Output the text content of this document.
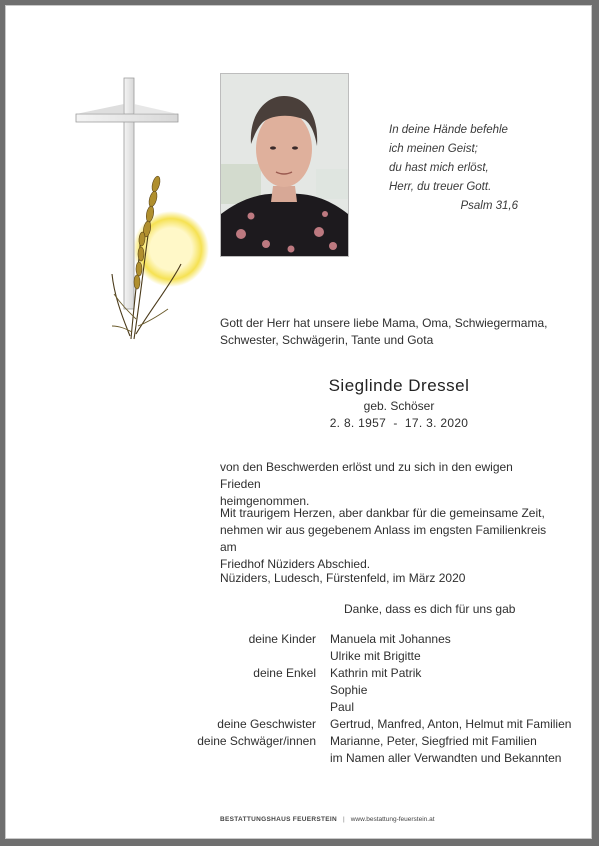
In deine Hände befehle
ich meinen Geist;
du hast mich erlöst,
Herr, du treuer Gott.
Psalm 31,6
Gott der Herr hat unsere liebe Mama, Oma, Schwiegermama,
Schwester, Schwägerin, Tante und Gota
Sieglinde Dressel
geb. Schöser
2. 8. 1957  -  17. 3. 2020
von den Beschwerden erlöst und zu sich in den ewigen Frieden
heimgenommen.
Mit traurigem Herzen, aber dankbar für die gemeinsame Zeit,
nehmen wir aus gegebenem Anlass im engsten Familienkreis am
Friedhof Nüziders Abschied.
Nüziders, Ludesch, Fürstenfeld, im März 2020
Danke, dass es dich für uns gab
deine Kinder	Manuela mit Johannes
Ulrike mit Brigitte
deine Enkel	Kathrin mit Patrik
Sophie
Paul
deine Geschwister	Gertrud, Manfred, Anton, Helmut mit Familien
deine Schwäger/innen	Marianne, Peter, Siegfried mit Familien
im Namen aller Verwandten und Bekannten
BESTATTUNGSHAUS FEUERSTEIN | www.bestattung-feuerstein.at
